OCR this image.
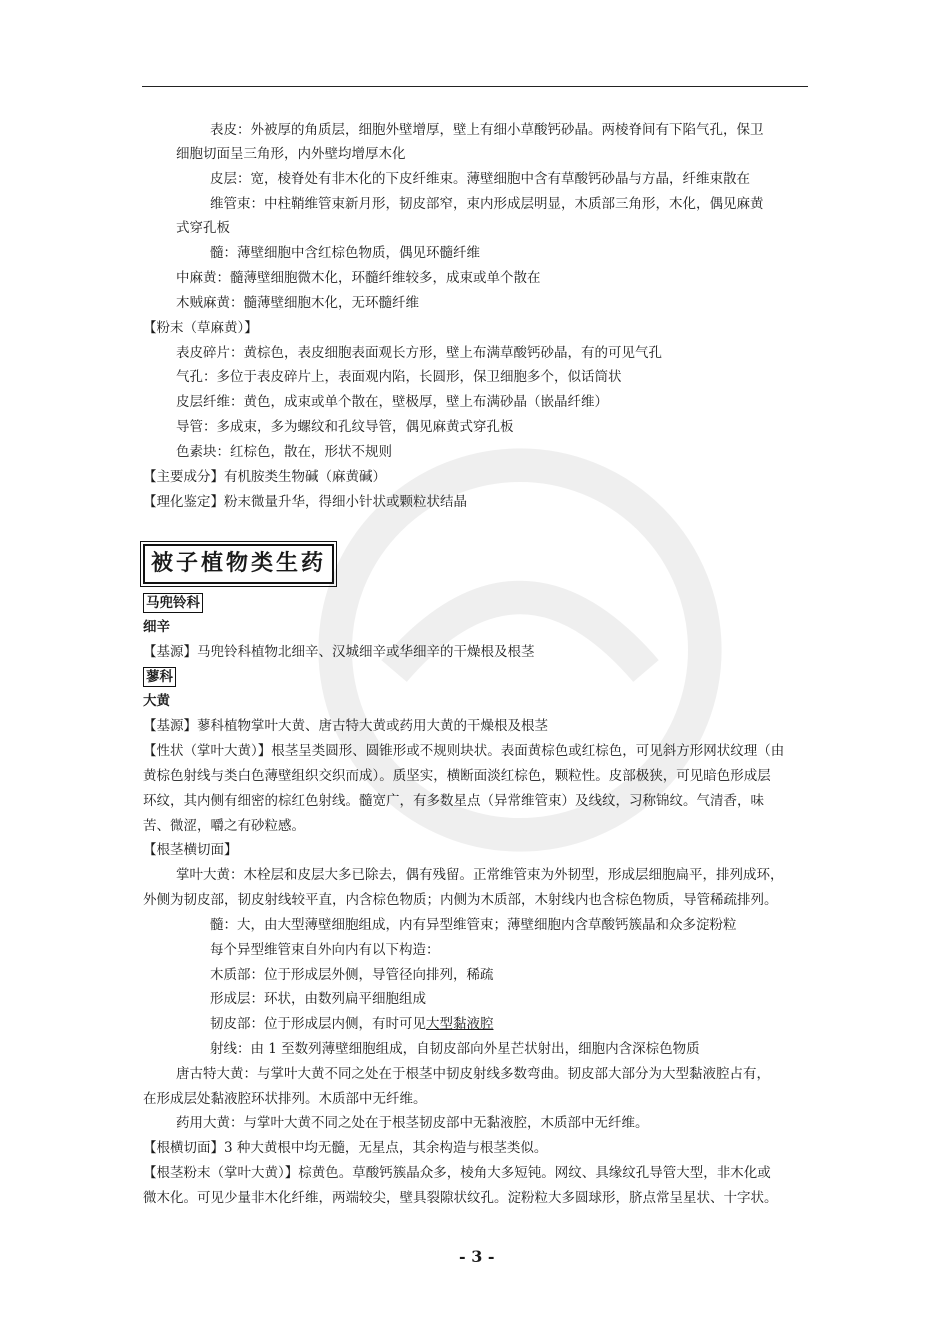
表皮：外被厚的角质层，细胞外壁增厚，壁上有细小草酸钙砂晶。两棱脊间有下陷气孔，保卫
细胞切面呈三角形，内外壁均增厚木化
皮层：宽，棱脊处有非木化的下皮纤维束。薄壁细胞中含有草酸钙砂晶与方晶，纤维束散在
维管束：中柱鞘维管束新月形，韧皮部窄，束内形成层明显，木质部三角形，木化，偶见麻黄
式穿孔板
髓：薄壁细胞中含红棕色物质，偶见环髓纤维
中麻黄：髓薄壁细胞微木化，环髓纤维较多，成束或单个散在
木贼麻黄：髓薄壁细胞木化，无环髓纤维
【粉末（草麻黄）】
表皮碎片：黄棕色，表皮细胞表面观长方形，壁上布满草酸钙砂晶，有的可见气孔
气孔：多位于表皮碎片上，表面观内陷，长圆形，保卫细胞多个，似话筒状
皮层纤维：黄色，成束或单个散在，壁极厚，壁上布满砂晶（嵌晶纤维）
导管：多成束，多为螺纹和孔纹导管，偶见麻黄式穿孔板
色素块：红棕色，散在，形状不规则
【主要成分】有机胺类生物碱（麻黄碱）
【理化鉴定】粉末微量升华，得细小针状或颗粒状结晶
被子植物类生药
马兜铃科
细辛
【基源】马兜铃科植物北细辛、汉城细辛或华细辛的干燥根及根茎
蓼科
大黄
【基源】蓼科植物掌叶大黄、唐古特大黄或药用大黄的干燥根及根茎
【性状（掌叶大黄）】根茎呈类圆形、圆锥形或不规则块状。表面黄棕色或红棕色，可见斜方形网状纹理（由
黄棕色射线与类白色薄壁组织交织而成）。质坚实，横断面淡红棕色，颗粒性。皮部极狭，可见暗色形成层
环纹，其内侧有细密的棕红色射线。髓宽广，有多数星点（异常维管束）及线纹，习称锦纹。气清香，味
苦、微涩，嚼之有砂粒感。
【根茎横切面】
掌叶大黄：木栓层和皮层大多已除去，偶有残留。正常维管束为外韧型，形成层细胞扁平，排列成环，
外侧为韧皮部，韧皮射线较平直，内含棕色物质；内侧为木质部，木射线内也含棕色物质，导管稀疏排列。
髓：大，由大型薄壁细胞组成，内有异型维管束；薄壁细胞内含草酸钙簇晶和众多淀粉粒
每个异型维管束自外向内有以下构造：
木质部：位于形成层外侧，导管径向排列，稀疏
形成层：环状，由数列扁平细胞组成
韧皮部：位于形成层内侧，有时可见大型黏液腔
射线：由 1 至数列薄壁细胞组成，自韧皮部向外星芒状射出，细胞内含深棕色物质
唐古特大黄：与掌叶大黄不同之处在于根茎中韧皮射线多数弯曲。韧皮部大部分为大型黏液腔占有，
在形成层处黏液腔环状排列。木质部中无纤维。
药用大黄：与掌叶大黄不同之处在于根茎韧皮部中无黏液腔，木质部中无纤维。
【根横切面】3 种大黄根中均无髓，无星点，其余构造与根茎类似。
【根茎粉末（掌叶大黄）】棕黄色。草酸钙簇晶众多，棱角大多短钝。网纹、具缘纹孔导管大型，非木化或
微木化。可见少量非木化纤维，两端较尖，壁具裂隙状纹孔。淀粉粒大多圆球形，脐点常呈星状、十字状。
- 3 -
